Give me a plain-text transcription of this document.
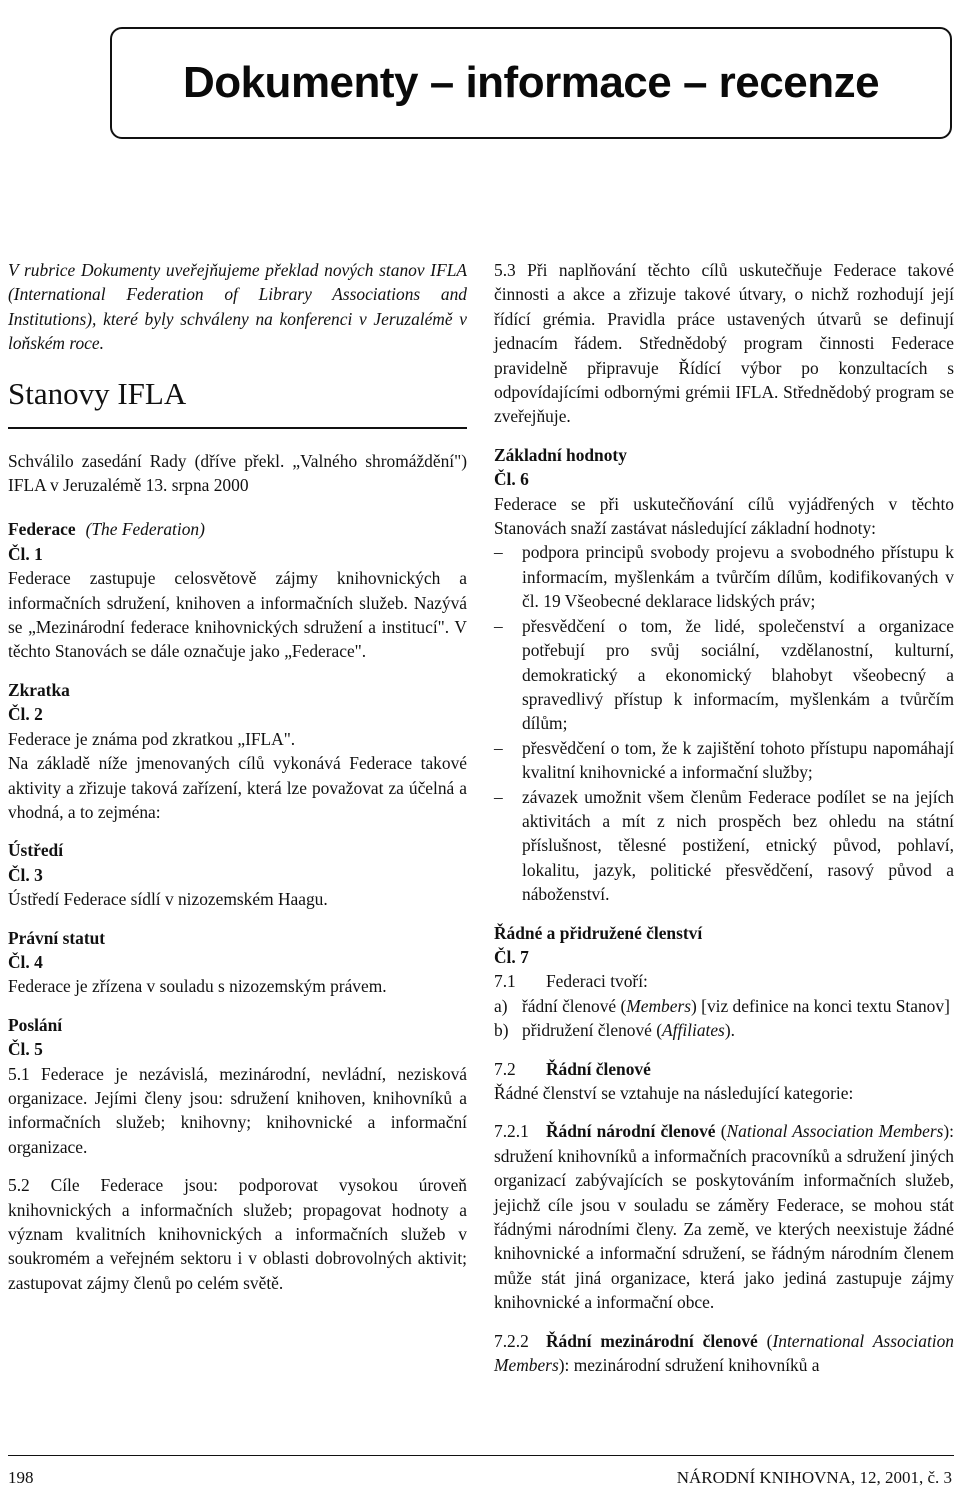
Dokumenty – informace – recenze

V rubrice Dokumenty uveřejňujeme překlad nových stanov IFLA (International Federation of Library Associations and Institutions), které byly schváleny na konferenci v Jeruzalémě v loňském roce.

Stanovy IFLA

Schválilo zasedání Rady (dříve překl. „Valného shromáždění") IFLA v Jeruzalémě 13. srpna 2000

Federace (The Federation)
Čl. 1

Federace zastupuje celosvětově zájmy knihovnických a informačních sdružení, knihoven a informačních služeb. Nazývá se „Mezinárodní federace knihovnických sdružení a institucí". V těchto Stanovách se dále označuje jako „Federace".

Zkratka
Čl. 2

Federace je známa pod zkratkou „IFLA".

Na základě níže jmenovaných cílů vykonává Federace takové aktivity a zřizuje taková zařízení, která lze považovat za účelná a vhodná, a to zejména:

Ústředí
Čl. 3

Ústředí Federace sídlí v nizozemském Haagu.

Právní statut
Čl. 4

Federace je zřízena v souladu s nizozemským právem.

Poslání
Čl. 5

5.1 Federace je nezávislá, mezinárodní, nevládní, nezisková organizace. Jejími členy jsou: sdružení knihoven, knihovníků a informačních služeb; knihovny; knihovnické a informační organizace.

5.2 Cíle Federace jsou: podporovat vysokou úroveň knihovnických a informačních služeb; propagovat hodnoty a význam kvalitních knihovnických a informačních služeb v soukromém a veřejném sektoru i v oblasti dobrovolných aktivit; zastupovat zájmy členů po celém světě.

5.3 Při naplňování těchto cílů uskutečňuje Federace takové činnosti a akce a zřizuje takové útvary, o nichž rozhodují její řídící grémia. Pravidla práce ustavených útvarů se definují jednacím řádem. Střednědobý program činnosti Federace pravidelně připravuje Řídící výbor po konzultacích s odpovídajícími odbornými grémii IFLA. Střednědobý program se zveřejňuje.

Základní hodnoty
Čl. 6

Federace se při uskutečňování cílů vyjádřených v těchto Stanovách snaží zastávat následující základní hodnoty:

– podpora principů svobody projevu a svobodného přístupu k informacím, myšlenkám a tvůrčím dílům, kodifikovaných v čl. 19 Všeobecné deklarace lidských práv;
– přesvědčení o tom, že lidé, společenství a organizace potřebují pro svůj sociální, vzdělanostní, kulturní, demokratický a ekonomický blahobyt všeobecný a spravedlivý přístup k informacím, myšlenkám a tvůrčím dílům;
– přesvědčení o tom, že k zajištění tohoto přístupu napomáhají kvalitní knihovnické a informační služby;
– závazek umožnit všem členům Federace podílet se na jejích aktivitách a mít z nich prospěch bez ohledu na státní příslušnost, tělesné postižení, etnický původ, pohlaví, lokalitu, jazyk, politické přesvědčení, rasový původ a náboženství.
Řádné a přidružené členství
Čl. 7

7.1 Federaci tvoří:

a) řádní členové (Members) [viz definice na konci textu Stanov]
b) přidružení členové (Affiliates).

7.2 Řádní členové

Řádné členství se vztahuje na následující kategorie:

7.2.1 Řádní národní členové (National Association Members): sdružení knihovníků a informačních pracovníků a sdružení jiných organizací zabývajících se poskytováním informačních služeb, jejichž cíle jsou v souladu se záměry Federace, se mohou stát řádnými národními členy. Za země, ve kterých neexistuje žádné knihovnické a informační sdružení, se řádným národním členem může stát jiná organizace, která jako jediná zastupuje zájmy knihovnické a informační obce.

7.2.2 Řádní mezinárodní členové (International Association Members): mezinárodní sdružení knihovníků a

198	NÁRODNÍ KNIHOVNA, 12, 2001, č. 3
